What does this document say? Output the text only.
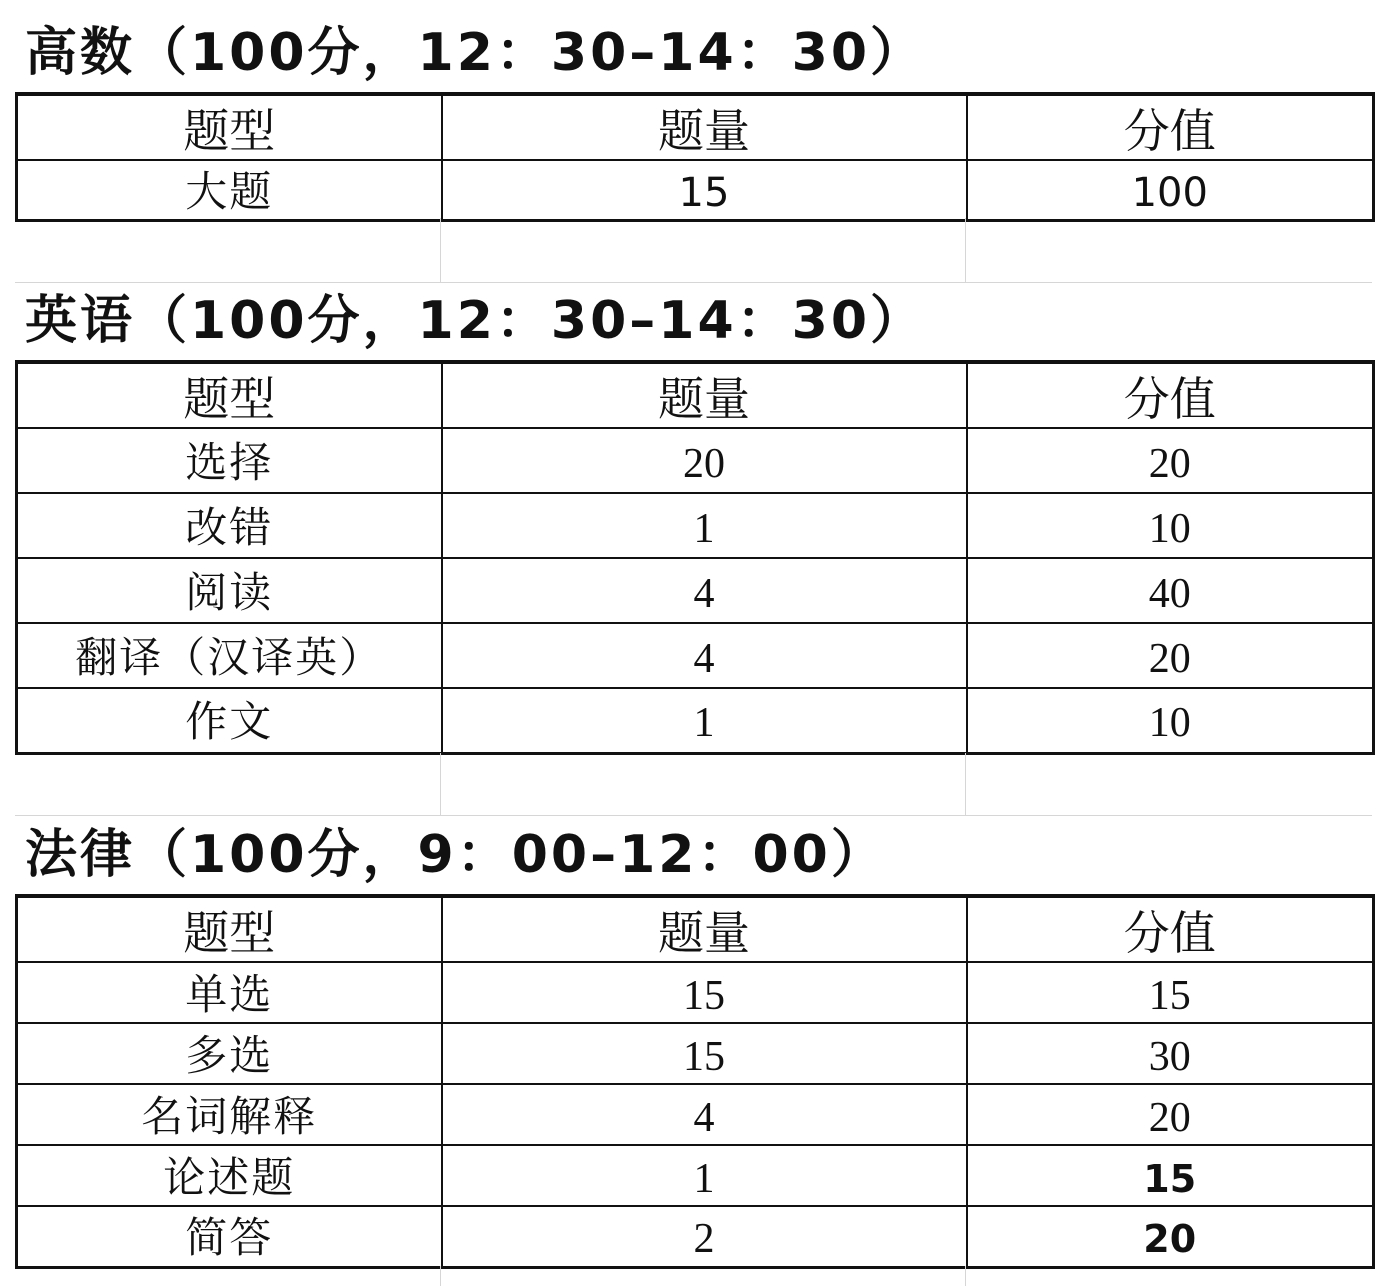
高数（100分，12：30–14：30）
题型	题量	分值
大题	15	100
英语（100分，12：30–14：30）
题型	题量	分值
选择	20	20
改错	1	10
阅读	4	40
翻译（汉译英）	4	20
作文	1	10
法律（100分，9：00–12：00）
题型	题量	分值
单选	15	15
多选	15	30
名词解释	4	20
论述题	1	15
简答	2	20
